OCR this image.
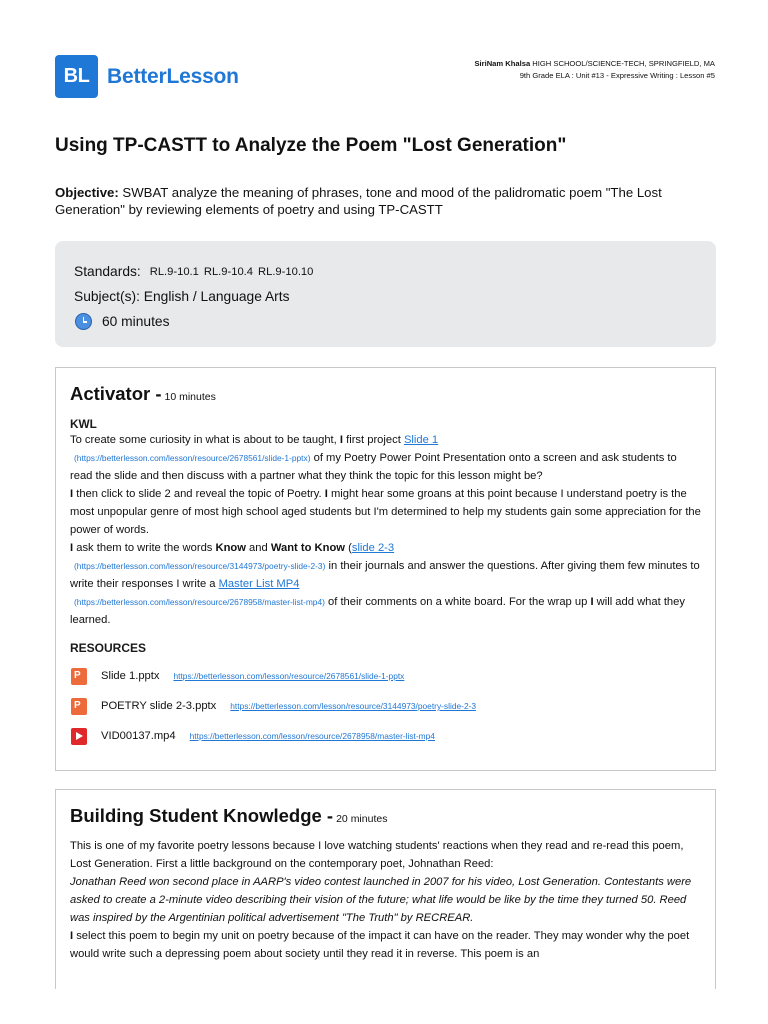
BL BetterLesson
SiriNam Khalsa HIGH SCHOOL/SCIENCE-TECH, SPRINGFIELD, MA
9th Grade ELA : Unit #13 - Expressive Writing : Lesson #5
Using TP-CASTT to Analyze the Poem "Lost Generation"
Objective: SWBAT analyze the meaning of phrases, tone and mood of the palidromatic poem "The Lost Generation" by reviewing elements of poetry and using TP-CASTT
Standards: RL.9-10.1 RL.9-10.4 RL.9-10.10
Subject(s): English / Language Arts
60 minutes
Activator - 10 minutes
KWL
To create some curiosity in what is about to be taught, I first project Slide 1
(https://betterlesson.com/lesson/resource/2678561/slide-1-pptx) of my Poetry Power Point Presentation onto a screen and ask students to read the slide and then discuss with a partner what they think the topic for this lesson might be?
I then click to slide 2 and reveal the topic of Poetry. I might hear some groans at this point because I understand poetry is the most unpopular genre of most high school aged students but I'm determined to help my students gain some appreciation for the power of words.
I ask them to write the words Know and Want to Know (slide 2-3
(https://betterlesson.com/lesson/resource/3144973/poetry-slide-2-3) in their journals and answer the questions. After giving them few minutes to write their responses I write a Master List MP4
(https://betterlesson.com/lesson/resource/2678958/master-list-mp4) of their comments on a white board. For the wrap up I will add what they learned.
RESOURCES
P
Slide 1.pptx https://betterlesson.com/lesson/resource/2678561/slide-1-pptx
P
POETRY slide 2-3.pptx https://betterlesson.com/lesson/resource/3144973/poetry-slide-2-3
VID00137.mp4 https://betterlesson.com/lesson/resource/2678958/master-list-mp4
Building Student Knowledge - 20 minutes
This is one of my favorite poetry lessons because I love watching students' reactions when they read and re-read this poem, Lost Generation. First a little background on the contemporary poet, Johnathan Reed:
Jonathan Reed won second place in AARP's video contest launched in 2007 for his video, Lost Generation. Contestants were asked to create a 2-minute video describing their vision of the future; what life would be like by the time they turned 50. Reed was inspired by the Argentinian political advertisement "The Truth" by RECREAR.
I select this poem to begin my unit on poetry because of the impact it can have on the reader. They may wonder why the poet would write such a depressing poem about society until they read it in reverse. This poem is an
